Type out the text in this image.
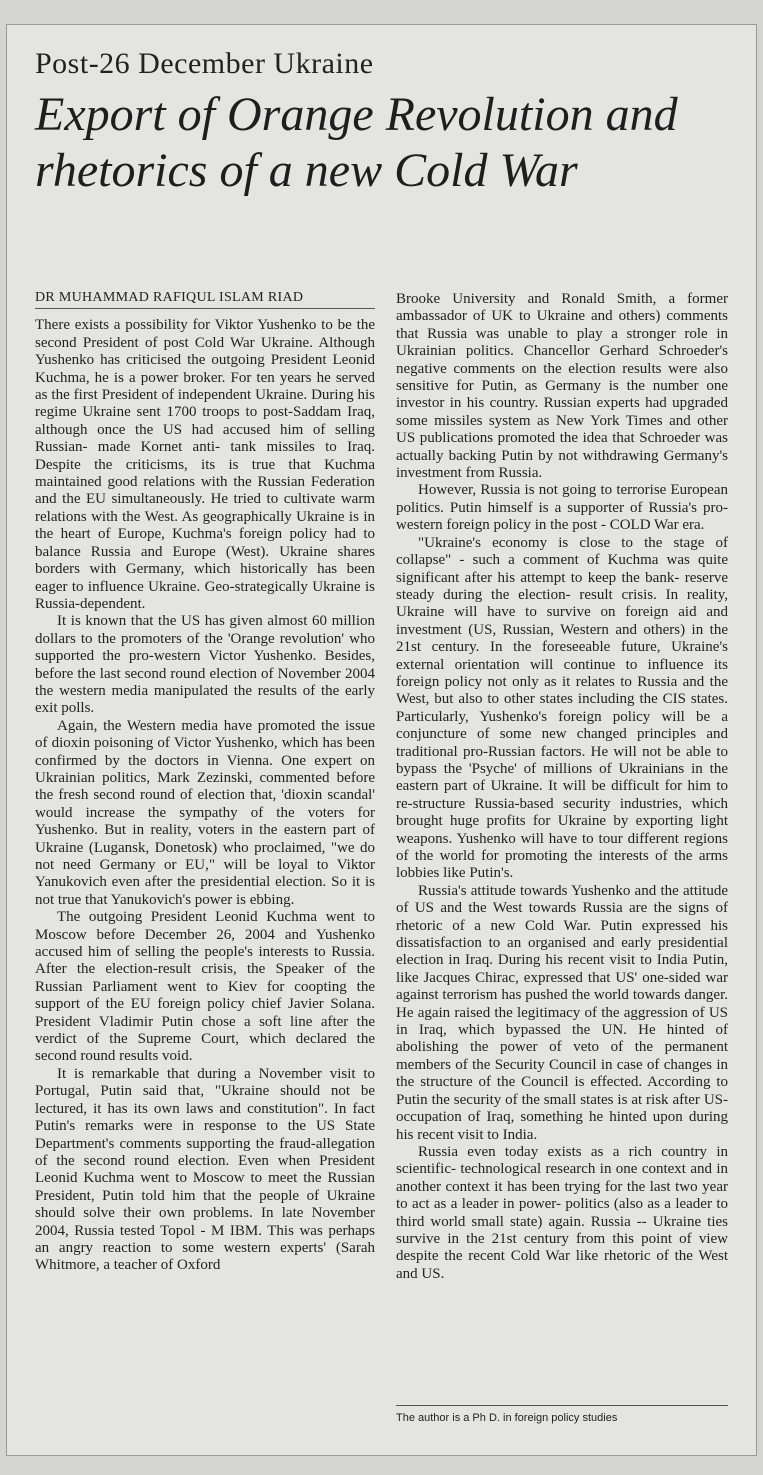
Post-26 December Ukraine
Export of Orange Revolution and rhetorics of a new Cold War
DR MUHAMMAD RAFIQUL ISLAM RIAD

There exists a possibility for Viktor Yushenko to be the second President of post Cold War Ukraine. Although Yushenko has criticised the outgoing President Leonid Kuchma, he is a power broker. For ten years he served as the first President of independent Ukraine. During his regime Ukraine sent 1700 troops to post-Saddam Iraq, although once the US had accused him of selling Russian- made Kornet anti- tank missiles to Iraq. Despite the criticisms, its is true that Kuchma maintained good relations with the Russian Federation and the EU simultaneously. He tried to cultivate warm relations with the West. As geographically Ukraine is in the heart of Europe, Kuchma's foreign policy had to balance Russia and Europe (West). Ukraine shares borders with Germany, which historically has been eager to influence Ukraine. Geo-strategically Ukraine is Russia-dependent.

It is known that the US has given almost 60 million dollars to the promoters of the 'Orange revolution' who supported the pro-western Victor Yushenko. Besides, before the last second round election of November 2004 the western media manipulated the results of the early exit polls.

Again, the Western media have promoted the issue of dioxin poisoning of Victor Yushenko, which has been confirmed by the doctors in Vienna. One expert on Ukrainian politics, Mark Zezinski, commented before the fresh second round of election that, 'dioxin scandal' would increase the sympathy of the voters for Yushenko. But in reality, voters in the eastern part of Ukraine (Lugansk, Donetosk) who proclaimed, "we do not need Germany or EU," will be loyal to Viktor Yanukovich even after the presidential election. So it is not true that Yanukovich's power is ebbing.

The outgoing President Leonid Kuchma went to Moscow before December 26, 2004 and Yushenko accused him of selling the people's interests to Russia. After the election-result crisis, the Speaker of the Russian Parliament went to Kiev for coopting the support of the EU foreign policy chief Javier Solana. President Vladimir Putin chose a soft line after the verdict of the Supreme Court, which declared the second round results void.

It is remarkable that during a November visit to Portugal, Putin said that, "Ukraine should not be lectured, it has its own laws and constitution". In fact Putin's remarks were in response to the US State Department's comments supporting the fraud-allegation of the second round election. Even when President Leonid Kuchma went to Moscow to meet the Russian President, Putin told him that the people of Ukraine should solve their own problems. In late November 2004, Russia tested Topol - M IBM. This was perhaps an angry reaction to some western experts' (Sarah Whitmore, a teacher of Oxford

Brooke University and Ronald Smith, a former ambassador of UK to Ukraine and others) comments that Russia was unable to play a stronger role in Ukrainian politics. Chancellor Gerhard Schroeder's negative comments on the election results were also sensitive for Putin, as Germany is the number one investor in his country. Russian experts had upgraded some missiles system as New York Times and other US publications promoted the idea that Schroeder was actually backing Putin by not withdrawing Germany's investment from Russia.

However, Russia is not going to terrorise European politics. Putin himself is a supporter of Russia's pro-western foreign policy in the post - COLD War era.

"Ukraine's economy is close to the stage of collapse" - such a comment of Kuchma was quite significant after his attempt to keep the bank- reserve steady during the election- result crisis. In reality, Ukraine will have to survive on foreign aid and investment (US, Russian, Western and others) in the 21st century. In the foreseeable future, Ukraine's external orientation will continue to influence its foreign policy not only as it relates to Russia and the West, but also to other states including the CIS states. Particularly, Yushenko's foreign policy will be a conjuncture of some new changed principles and traditional pro-Russian factors. He will not be able to bypass the 'Psyche' of millions of Ukrainians in the eastern part of Ukraine. It will be difficult for him to re-structure Russia-based security industries, which brought huge profits for Ukraine by exporting light weapons. Yushenko will have to tour different regions of the world for promoting the interests of the arms lobbies like Putin's.

Russia's attitude towards Yushenko and the attitude of US and the West towards Russia are the signs of rhetoric of a new Cold War. Putin expressed his dissatisfaction to an organised and early presidential election in Iraq. During his recent visit to India Putin, like Jacques Chirac, expressed that US' one-sided war against terrorism has pushed the world towards danger. He again raised the legitimacy of the aggression of US in Iraq, which bypassed the UN. He hinted of abolishing the power of veto of the permanent members of the Security Council in case of changes in the structure of the Council is effected. According to Putin the security of the small states is at risk after US-occupation of Iraq, something he hinted upon during his recent visit to India.

Russia even today exists as a rich country in scientific- technological research in one context and in another context it has been trying for the last two year to act as a leader in power- politics (also as a leader to third world small state) again. Russia -- Ukraine ties survive in the 21st century from this point of view despite the recent Cold War like rhetoric of the West and US.

The author is a Ph D. in foreign policy studies
